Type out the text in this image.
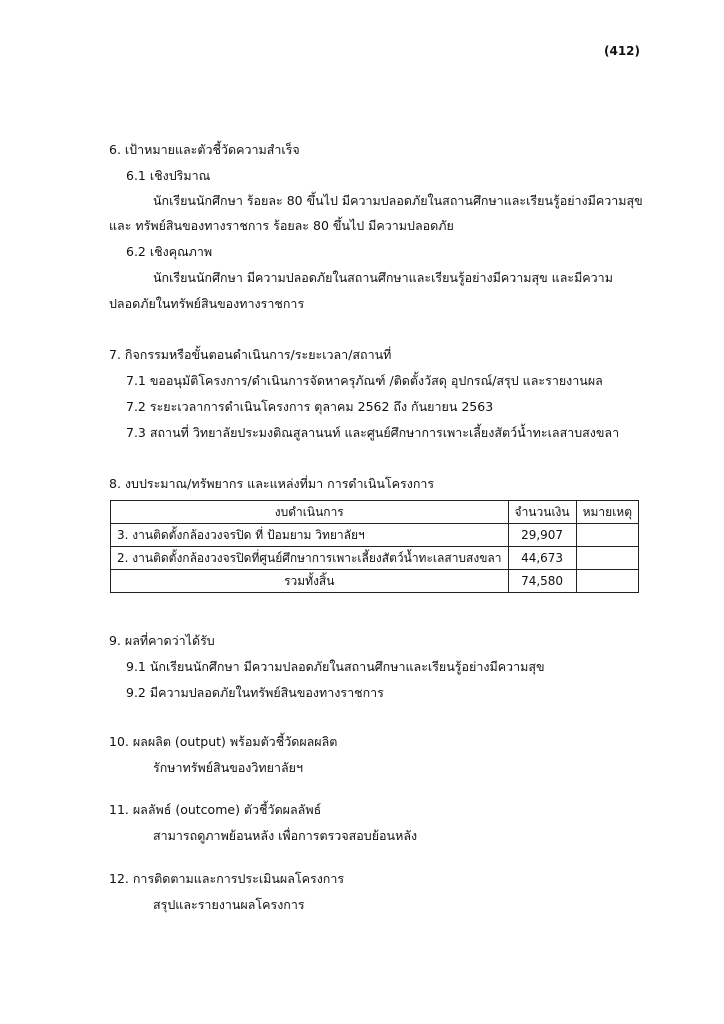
(412)
6. เป้าหมายและตัวชี้วัดความสำเร็จ
6.1 เชิงปริมาณ
นักเรียนนักศึกษา ร้อยละ 80 ขึ้นไป มีความปลอดภัยในสถานศึกษาและเรียนรู้อย่างมีความสุข
และ ทรัพย์สินของทางราชการ ร้อยละ 80 ขึ้นไป มีความปลอดภัย
6.2 เชิงคุณภาพ
นักเรียนนักศึกษา มีความปลอดภัยในสถานศึกษาและเรียนรู้อย่างมีความสุข และมีความ
ปลอดภัยในทรัพย์สินของทางราชการ
7. กิจกรรมหรือขั้นตอนดำเนินการ/ระยะเวลา/สถานที่
7.1 ขออนุมัติโครงการ/ดำเนินการจัดหาครุภัณฑ์ /ติดตั้งวัสดุ อุปกรณ์/สรุป และรายงานผล
7.2 ระยะเวลาการดำเนินโครงการ ตุลาคม 2562 ถึง กันยายน 2563
7.3 สถานที่ วิทยาลัยประมงติณสูลานนท์ และศูนย์ศึกษาการเพาะเลี้ยงสัตว์น้ำทะเลสาบสงขลา
8. งบประมาณ/ทรัพยากร และแหล่งที่มา การดำเนินโครงการ
งบดำเนินการ	จำนวนเงิน	หมายเหตุ
3. งานติดตั้งกล้องวงจรปิด ที่ ป้อมยาม วิทยาลัยฯ	29,907	
2. งานติดตั้งกล้องวงจรปิดที่ศูนย์ศึกษาการเพาะเลี้ยงสัตว์น้ำทะเลสาบสงขลา	44,673	
รวมทั้งสิ้น	74,580	
9. ผลที่คาดว่าได้รับ
9.1 นักเรียนนักศึกษา มีความปลอดภัยในสถานศึกษาและเรียนรู้อย่างมีความสุข
9.2 มีความปลอดภัยในทรัพย์สินของทางราชการ
10. ผลผลิต (output) พร้อมตัวชี้วัดผลผลิต
รักษาทรัพย์สินของวิทยาลัยฯ
11. ผลลัพธ์ (outcome) ตัวชี้วัดผลลัพธ์
สามารถดูภาพย้อนหลัง เพื่อการตรวจสอบย้อนหลัง
12. การติดตามและการประเมินผลโครงการ
สรุปและรายงานผลโครงการ
